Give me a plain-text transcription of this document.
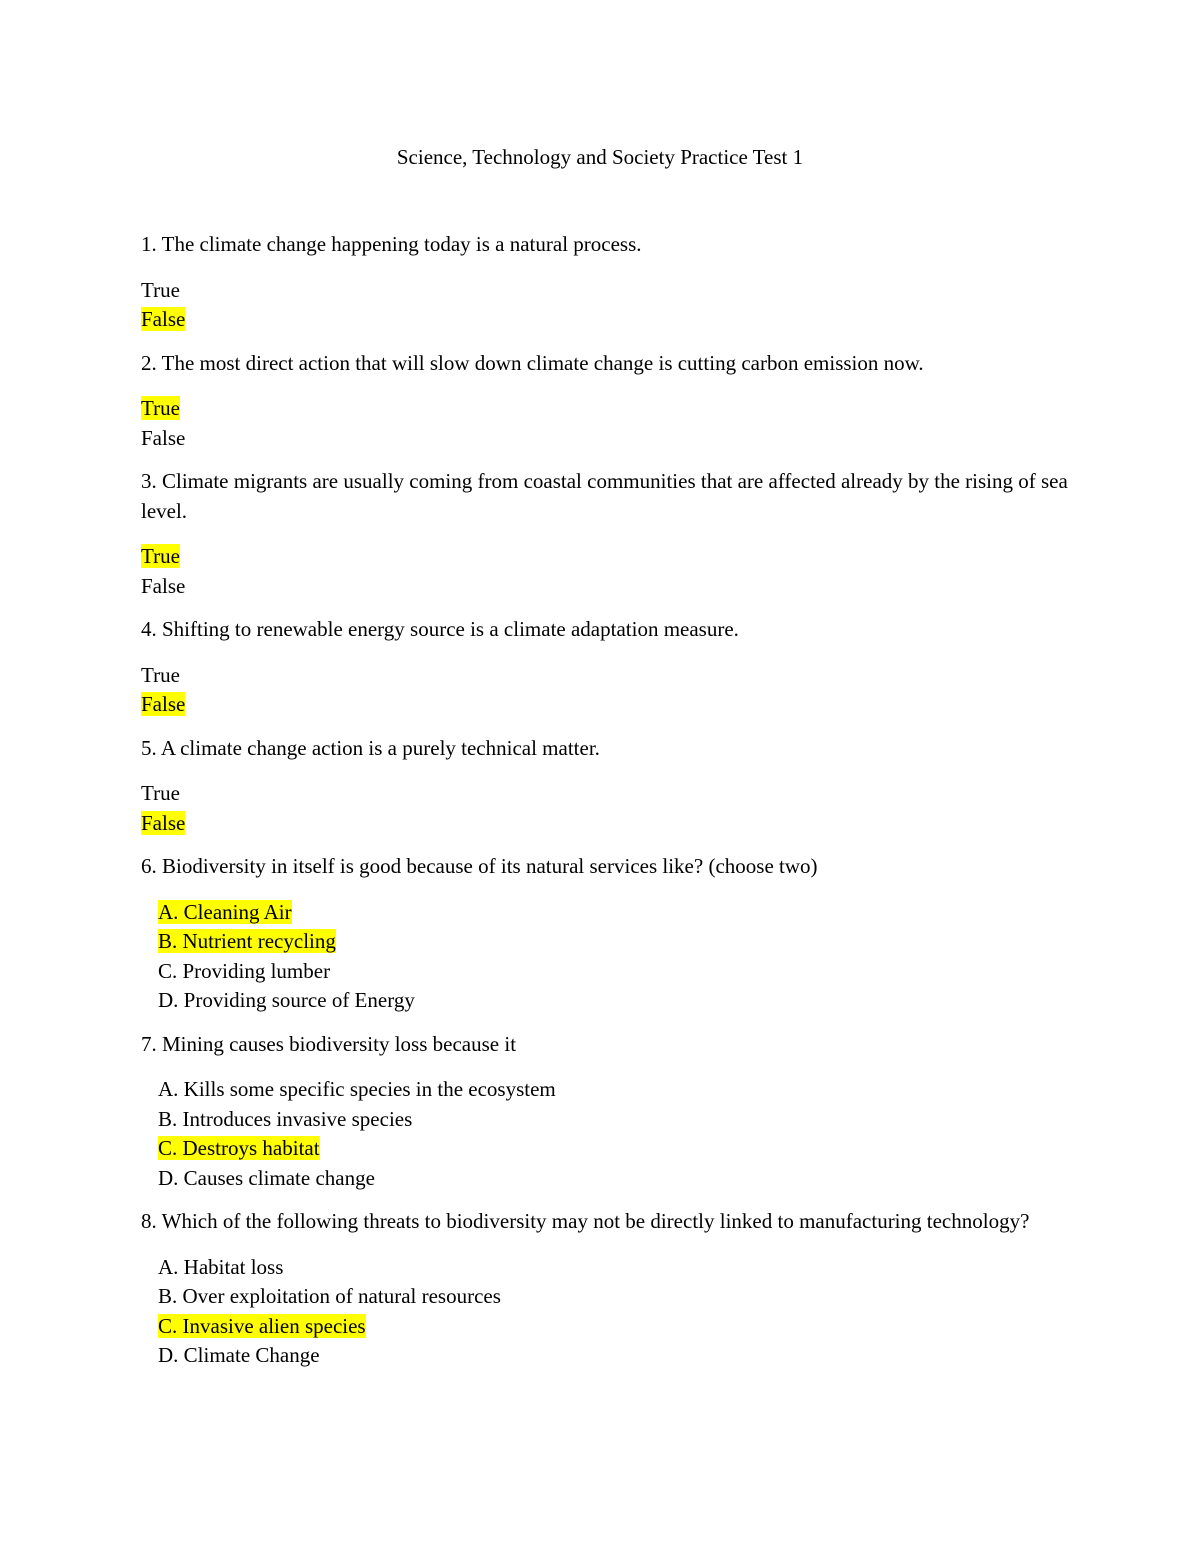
Science, Technology and Society Practice Test 1
1. The climate change happening today is a natural process.
True
False
2. The most direct action that will slow down climate change is cutting carbon emission now.
True
False
3. Climate migrants are usually coming from coastal communities that are affected already by the rising of sea level.
True
False
4. Shifting to renewable energy source is a climate adaptation measure.
True
False
5. A climate change action is a purely technical matter.
True
False
6. Biodiversity in itself is good because of its natural services like? (choose two)
A. Cleaning Air
B. Nutrient recycling
C. Providing lumber
D. Providing source of Energy
7. Mining causes biodiversity loss because it
A. Kills some specific species in the ecosystem
B. Introduces invasive species
C. Destroys habitat
D. Causes climate change
8. Which of the following threats to biodiversity may not be directly linked to manufacturing technology?
A. Habitat loss
B. Over exploitation of natural resources
C. Invasive alien species
D. Climate Change
